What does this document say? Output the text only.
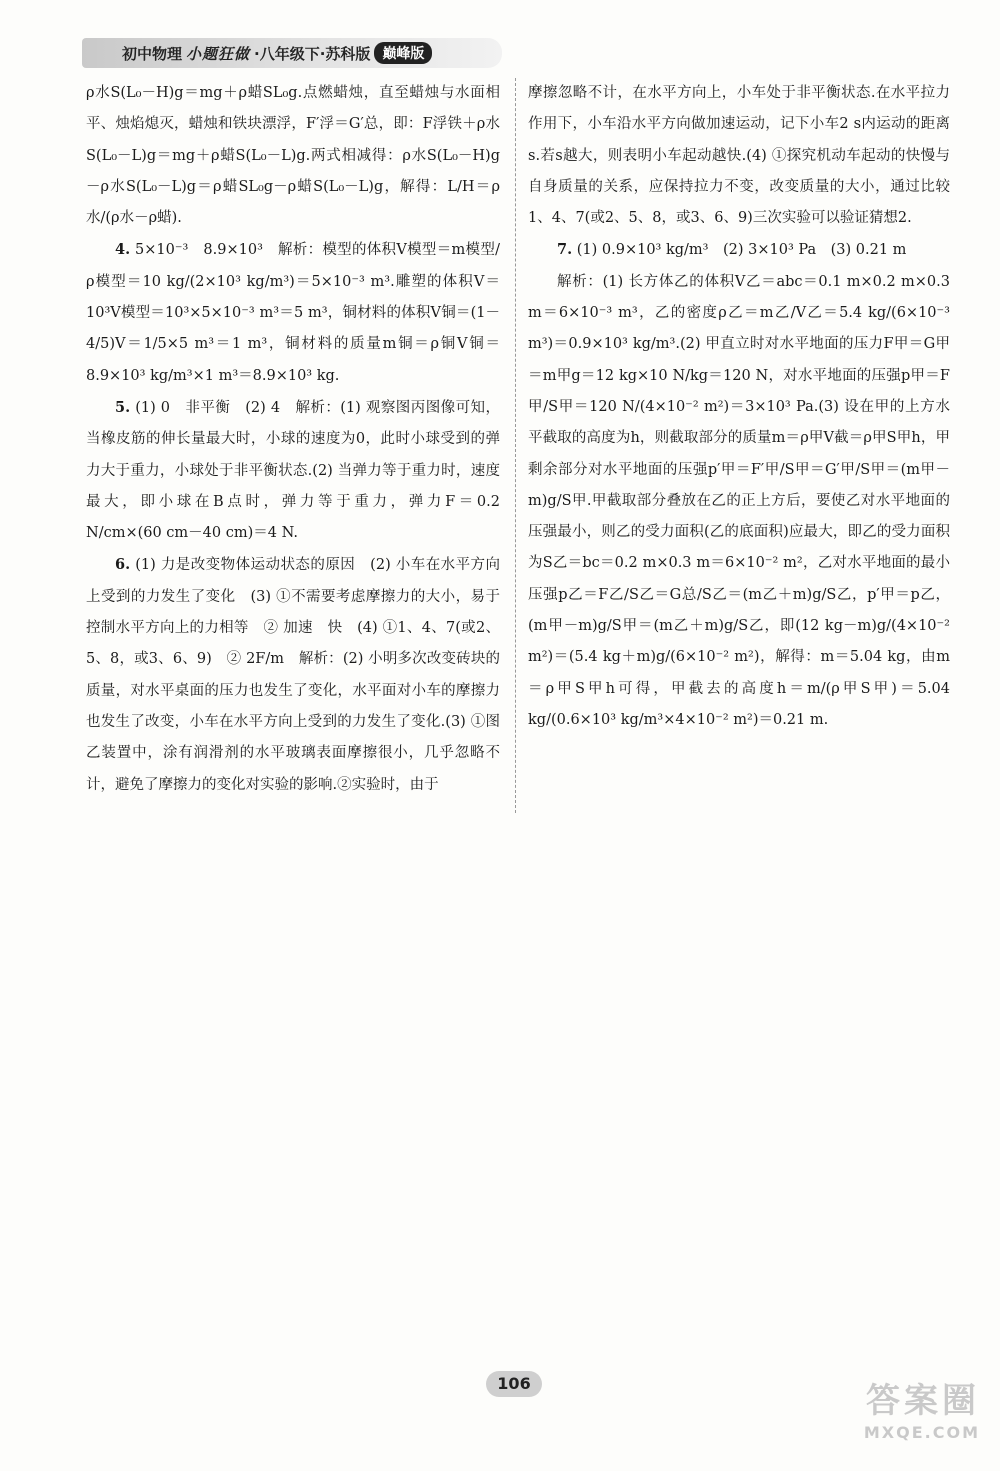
初中物理 小题狂做 ·八年级下·苏科版 巅峰版

ρ水S(L₀－H)g＝mg＋ρ蜡SL₀g.点燃蜡烛，直至蜡烛与水面相平、烛焰熄灭，蜡烛和铁块漂浮，F′浮＝G′总，即：F浮铁＋ρ水S(L₀－L)g＝mg＋ρ蜡S(L₀－L)g.两式相减得：ρ水S(L₀－H)g－ρ水S(L₀－L)g＝ρ蜡SL₀g－ρ蜡S(L₀－L)g，解得：L/H＝ρ水/(ρ水－ρ蜡).

4. 5×10⁻³　8.9×10³　解析：模型的体积V模型＝m模型/ρ模型＝10 kg/(2×10³ kg/m³)＝5×10⁻³ m³.雕塑的体积V＝10³V模型＝10³×5×10⁻³ m³＝5 m³，铜材料的体积V铜＝(1－4/5)V＝1/5×5 m³＝1 m³，铜材料的质量m铜＝ρ铜V铜＝8.9×10³ kg/m³×1 m³＝8.9×10³ kg.

5. (1) 0　非平衡　(2) 4　解析：(1) 观察图丙图像可知，当橡皮筋的伸长量最大时，小球的速度为0，此时小球受到的弹力大于重力，小球处于非平衡状态.(2) 当弹力等于重力时，速度最大，即小球在B点时，弹力等于重力，弹力F＝0.2 N/cm×(60 cm－40 cm)＝4 N.

6. (1) 力是改变物体运动状态的原因　(2) 小车在水平方向上受到的力发生了变化　(3) ①不需要考虑摩擦力的大小，易于控制水平方向上的力相等　② 加速　快　(4) ①1、4、7(或2、5、8，或3、6、9)　② 2F/m　解析：(2) 小明多次改变砖块的质量，对水平桌面的压力也发生了变化，水平面对小车的摩擦力也发生了改变，小车在水平方向上受到的力发生了变化.(3) ①图乙装置中，涂有润滑剂的水平玻璃表面摩擦很小，几乎忽略不计，避免了摩擦力的变化对实验的影响.②实验时，由于

摩擦忽略不计，在水平方向上，小车处于非平衡状态.在水平拉力作用下，小车沿水平方向做加速运动，记下小车2 s内运动的距离s.若s越大，则表明小车起动越快.(4) ①探究机动车起动的快慢与自身质量的关系，应保持拉力不变，改变质量的大小，通过比较1、4、7(或2、5、8，或3、6、9)三次实验可以验证猜想2.

7. (1) 0.9×10³ kg/m³　(2) 3×10³ Pa　(3) 0.21 m

解析：(1) 长方体乙的体积V乙＝abc＝0.1 m×0.2 m×0.3 m＝6×10⁻³ m³，乙的密度ρ乙＝m乙/V乙＝5.4 kg/(6×10⁻³ m³)＝0.9×10³ kg/m³.(2) 甲直立时对水平地面的压力F甲＝G甲＝m甲g＝12 kg×10 N/kg＝120 N，对水平地面的压强p甲＝F甲/S甲＝120 N/(4×10⁻² m²)＝3×10³ Pa.(3) 设在甲的上方水平截取的高度为h，则截取部分的质量m＝ρ甲V截＝ρ甲S甲h，甲剩余部分对水平地面的压强p′甲＝F′甲/S甲＝G′甲/S甲＝(m甲－m)g/S甲.甲截取部分叠放在乙的正上方后，要使乙对水平地面的压强最小，则乙的受力面积(乙的底面积)应最大，即乙的受力面积为S乙＝bc＝0.2 m×0.3 m＝6×10⁻² m²，乙对水平地面的最小压强p乙＝F乙/S乙＝G总/S乙＝(m乙＋m)g/S乙，p′甲＝p乙，(m甲－m)g/S甲＝(m乙＋m)g/S乙，即(12 kg－m)g/(4×10⁻² m²)＝(5.4 kg＋m)g/(6×10⁻² m²)，解得：m＝5.04 kg，由m＝ρ甲S甲h可得，甲截去的高度h＝m/(ρ甲S甲)＝5.04 kg/(0.6×10³ kg/m³×4×10⁻² m²)＝0.21 m.

106	答案圈
MXQE.COM
